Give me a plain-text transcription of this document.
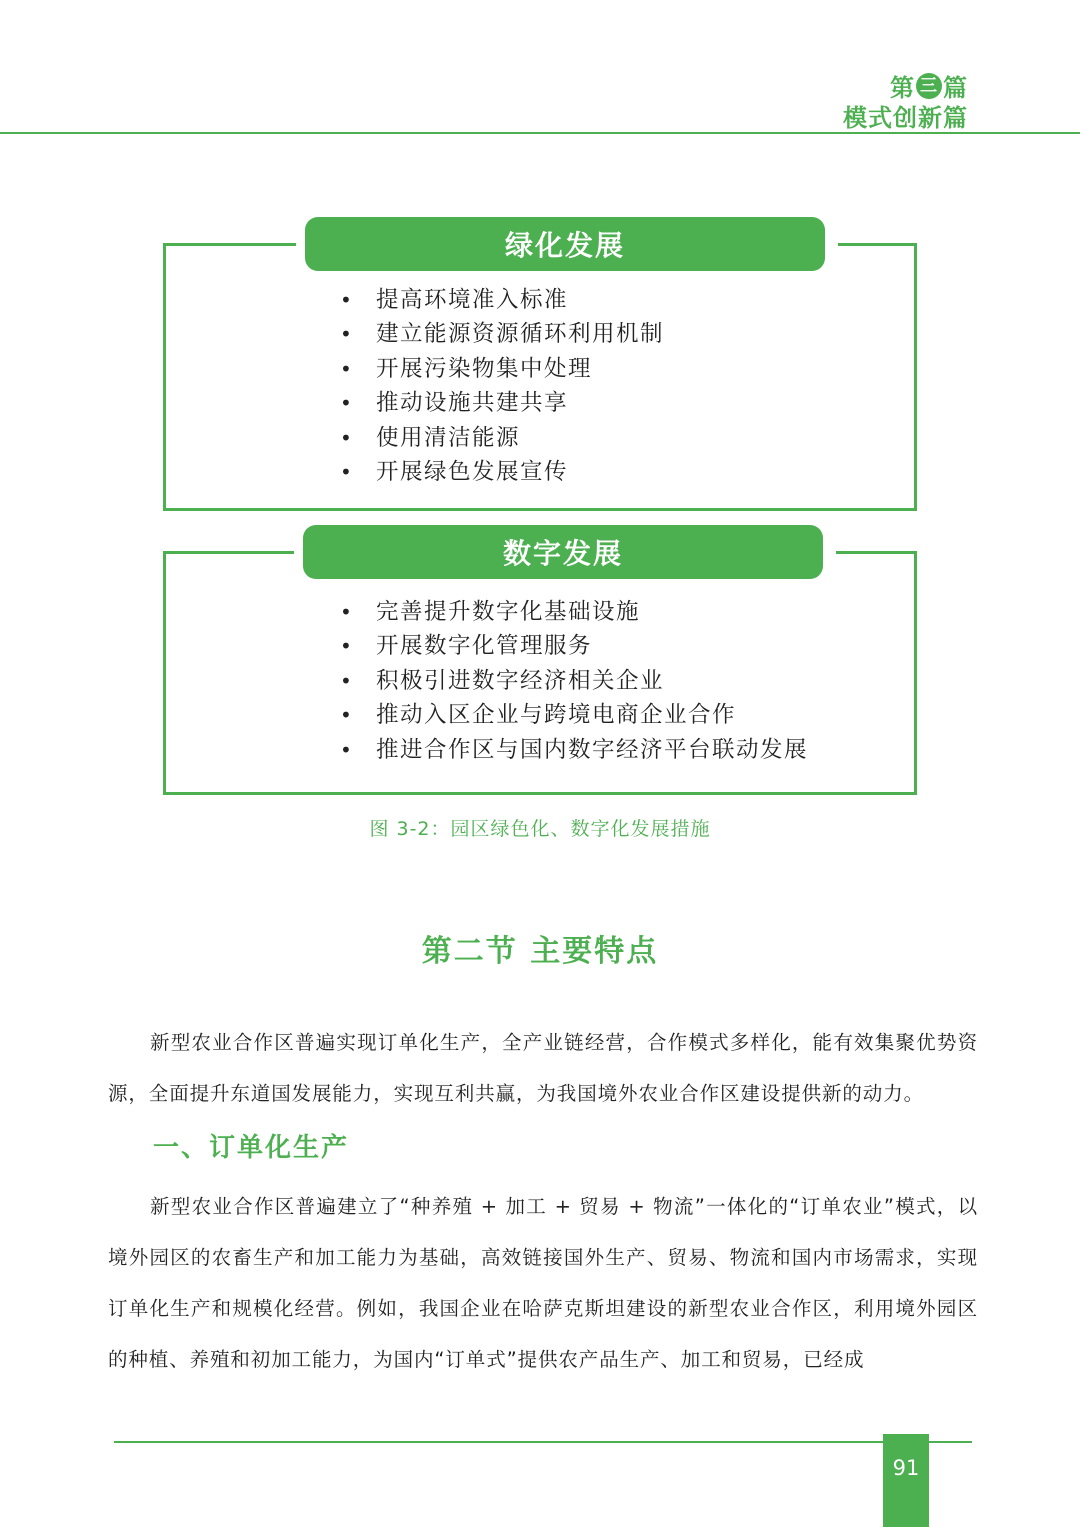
第 三 篇
模式创新篇
绿化发展
• 提高环境准入标准
• 建立能源资源循环利用机制
• 开展污染物集中处理
• 推动设施共建共享
• 使用清洁能源
• 开展绿色发展宣传
数字发展
• 完善提升数字化基础设施
• 开展数字化管理服务
• 积极引进数字经济相关企业
• 推动入区企业与跨境电商企业合作
• 推进合作区与国内数字经济平台联动发展
图 3-2：园区绿色化、数字化发展措施
第二节 主要特点

新型农业合作区普遍实现订单化生产，全产业链经营，合作模式多样化，能有效集聚优势资源，全面提升东道国发展能力，实现互利共赢，为我国境外农业合作区建设提供新的动力。

一、订单化生产

新型农业合作区普遍建立了“种养殖 + 加工 + 贸易 + 物流”一体化的“订单农业”模式，以境外园区的农畜生产和加工能力为基础，高效链接国外生产、贸易、物流和国内市场需求，实现订单化生产和规模化经营。例如，我国企业在哈萨克斯坦建设的新型农业合作区，利用境外园区的种植、养殖和初加工能力，为国内“订单式”提供农产品生产、加工和贸易，已经成

91
